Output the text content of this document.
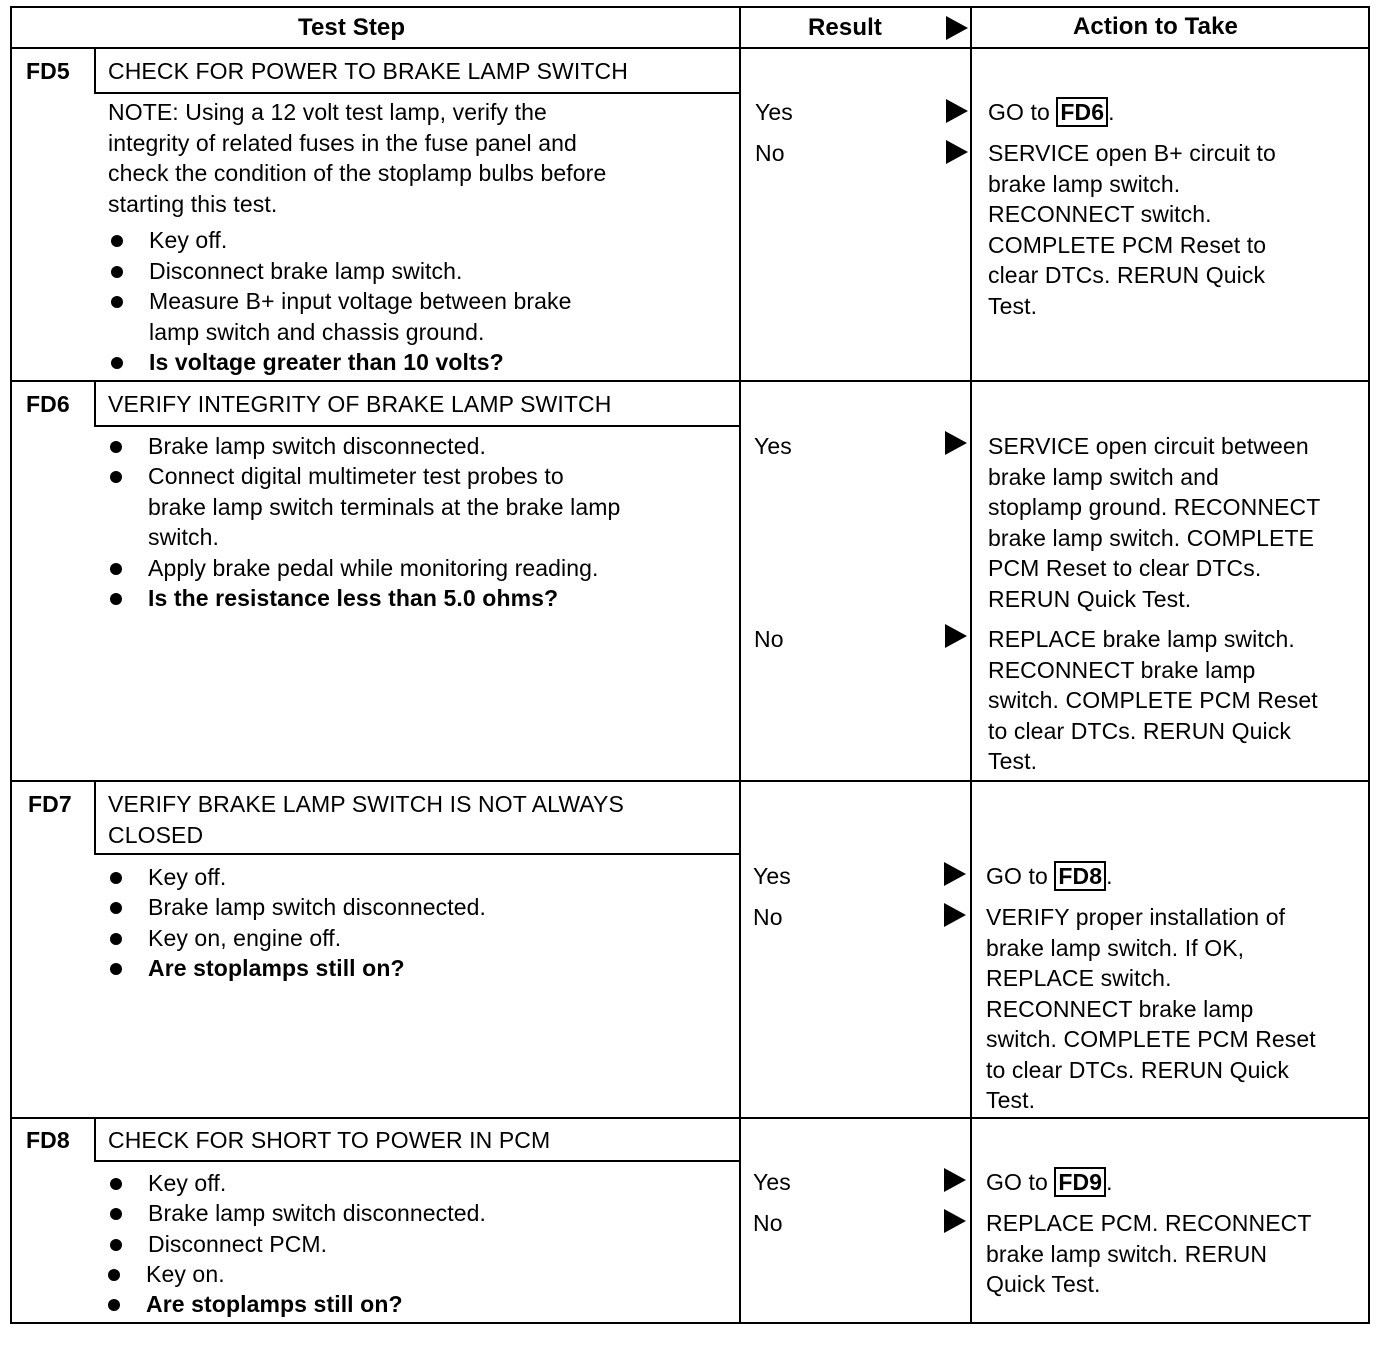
Test Step	Result	Action to Take
FD5 CHECK FOR POWER TO BRAKE LAMP SWITCH

NOTE: Using a 12 volt test lamp, verify the

integrity of related fuses in the fuse panel and

check the condition of the stoplamp bulbs before

starting this test.

Key off.
Disconnect brake lamp switch.
Measure B+ input voltage between brake
lamp switch and chassis ground.
Is voltage greater than 10 volts?
Yes	GO to FD6 .
No	SERVICE open B+ circuit to

brake lamp switch.

RECONNECT switch.

COMPLETE PCM Reset to

clear DTCs. RERUN Quick

Test.

FD6 VERIFY INTEGRITY OF BRAKE LAMP SWITCH
Brake lamp switch disconnected.
Connect digital multimeter test probes to
brake lamp switch terminals at the brake lamp
switch.
Apply brake pedal while monitoring reading.
Is the resistance less than 5.0 ohms?
Yes	SERVICE open circuit between

brake lamp switch and

stoplamp ground. RECONNECT

brake lamp switch. COMPLETE

PCM Reset to clear DTCs.

RERUN Quick Test.

No	REPLACE brake lamp switch.

RECONNECT brake lamp

switch. COMPLETE PCM Reset

to clear DTCs. RERUN Quick

Test.

FD7 VERIFY BRAKE LAMP SWITCH IS NOT ALWAYS

CLOSED

Key off.
Brake lamp switch disconnected.
Key on, engine off.
Are stoplamps still on?
Yes	GO to FD8 .
No	VERIFY proper installation of

brake lamp switch. If OK,

REPLACE switch.

RECONNECT brake lamp

switch. COMPLETE PCM Reset

to clear DTCs. RERUN Quick

Test.

FD8 CHECK FOR SHORT TO POWER IN PCM
Key off.
Brake lamp switch disconnected.
Disconnect PCM.
Key on.
Are stoplamps still on?
Yes	GO to FD9 .
No	REPLACE PCM. RECONNECT

brake lamp switch. RERUN

Quick Test.
